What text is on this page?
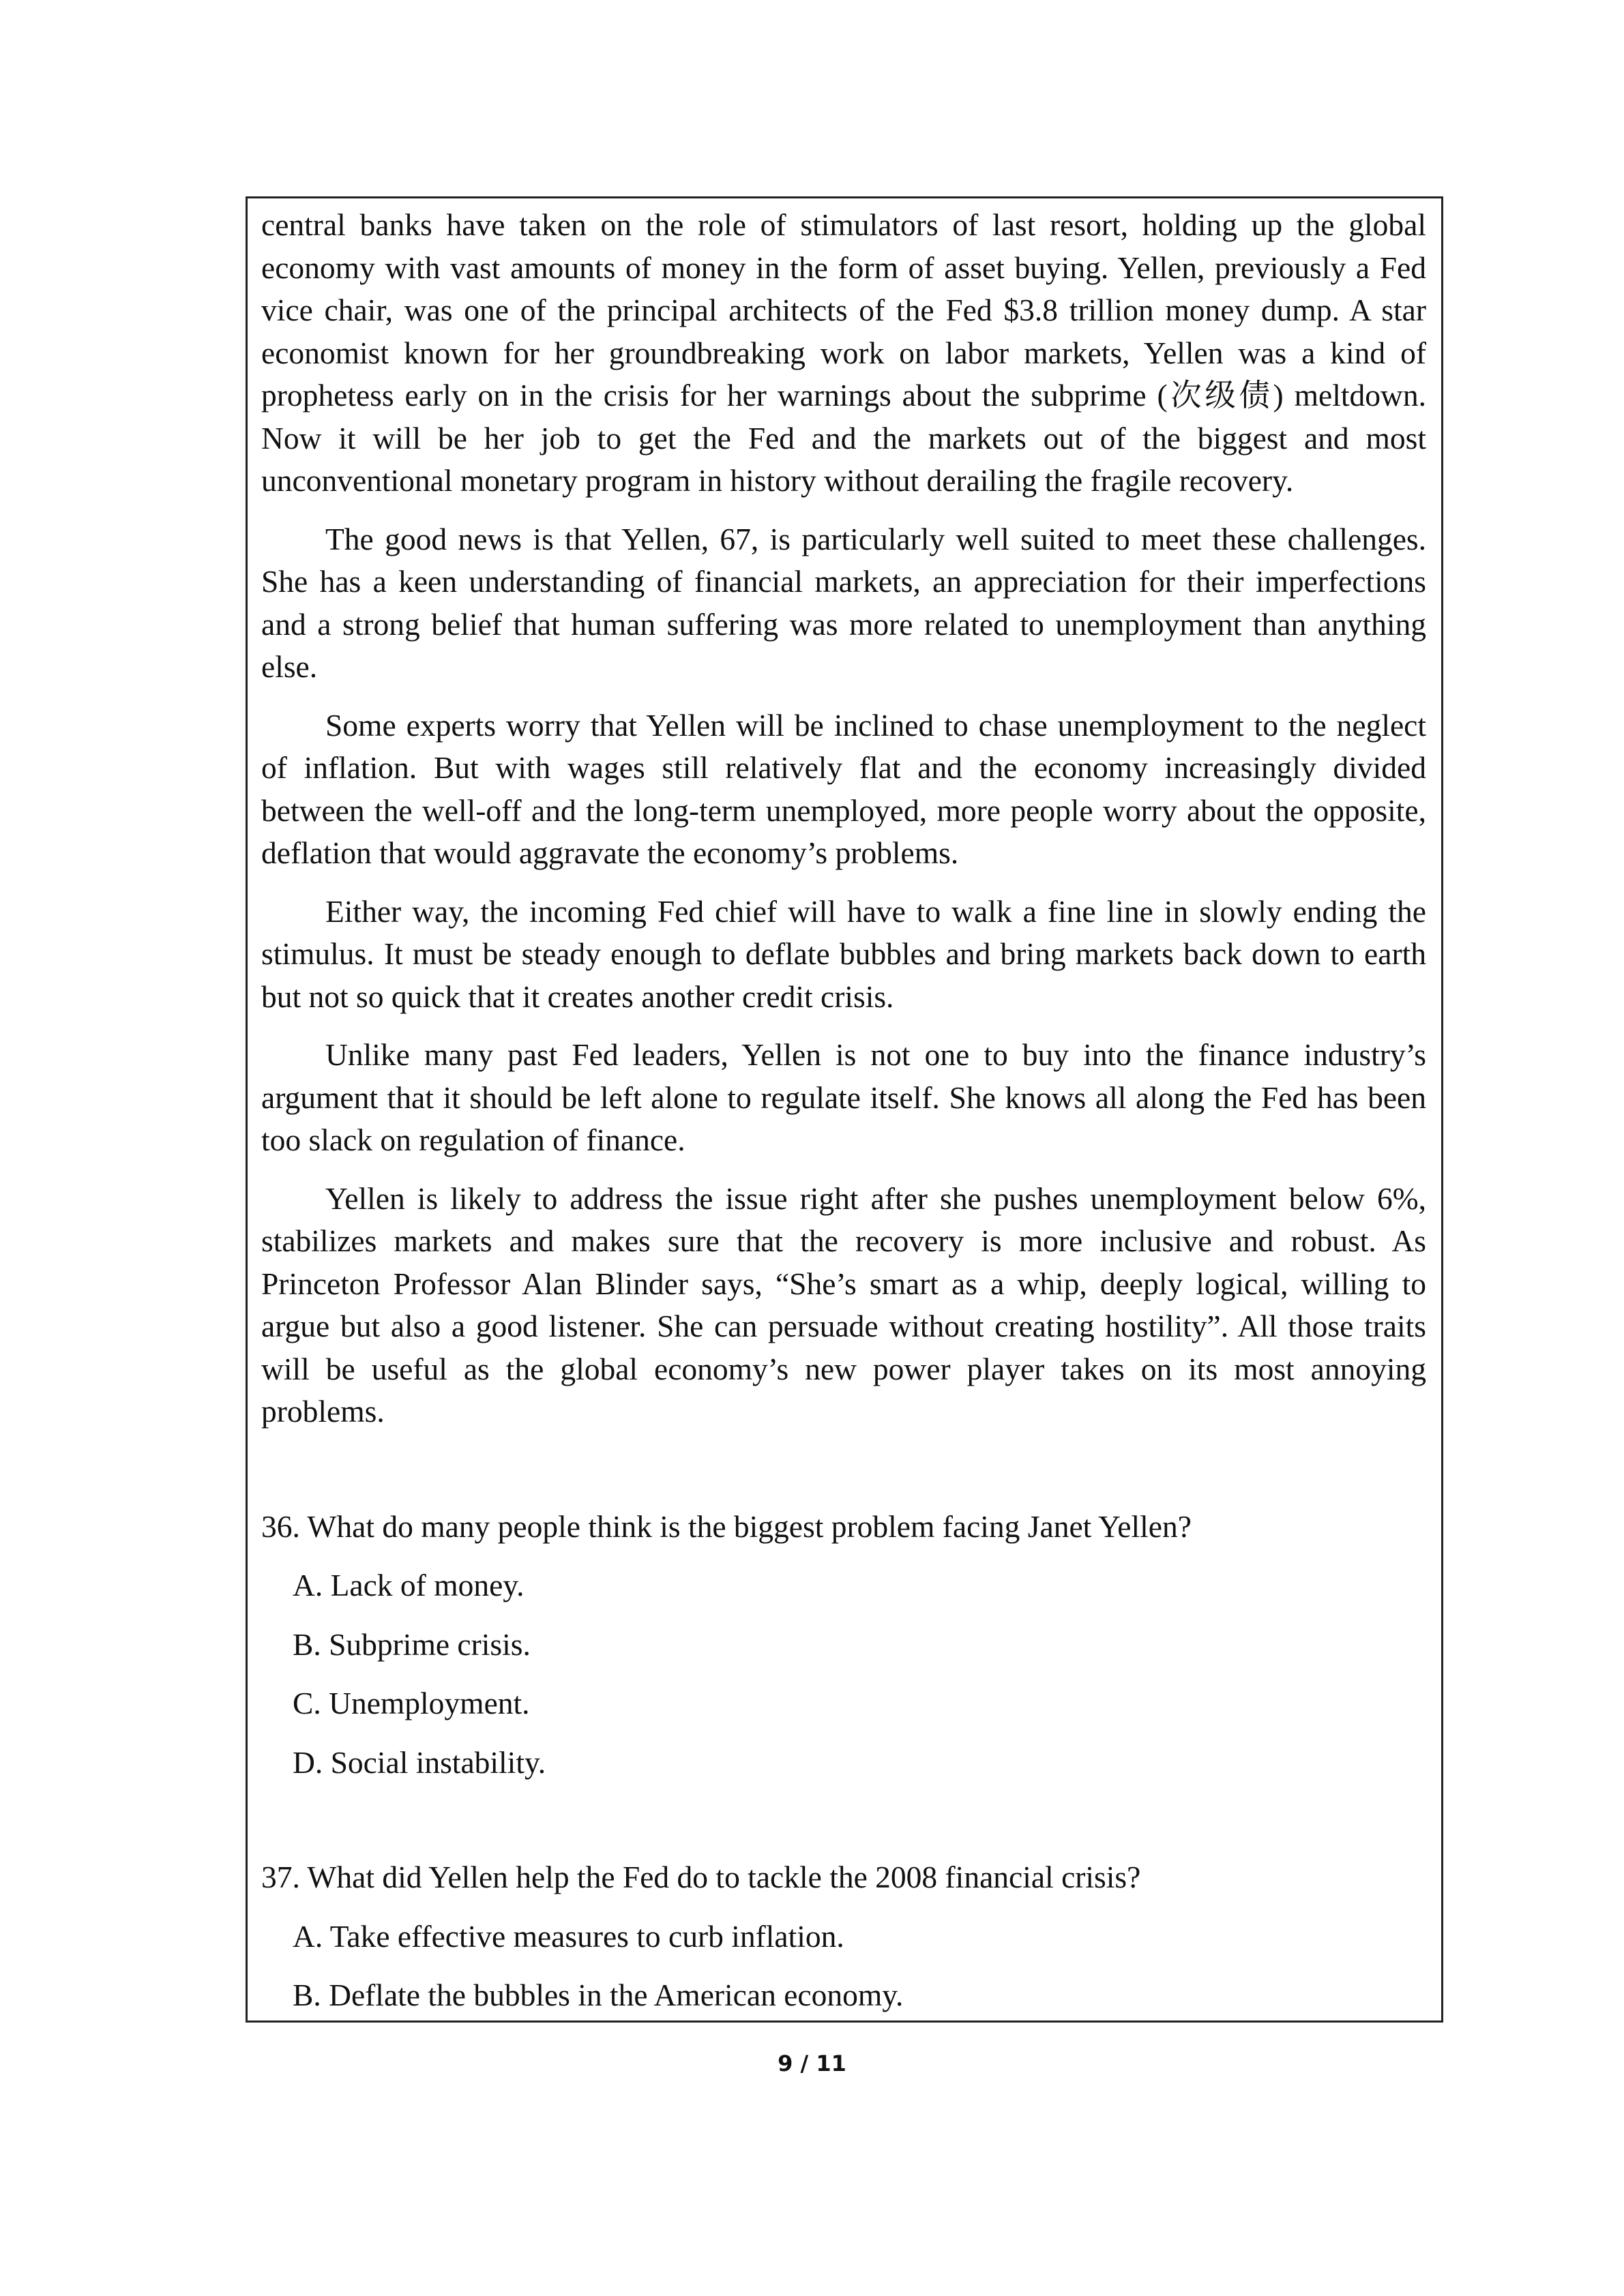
central banks have taken on the role of stimulators of last resort, holding up the global economy with vast amounts of money in the form of asset buying. Yellen, previously a Fed vice chair, was one of the principal architects of the Fed $3.8 trillion money dump. A star economist known for her groundbreaking work on labor markets, Yellen was a kind of prophetess early on in the crisis for her warnings about the subprime (次级债) meltdown. Now it will be her job to get the Fed and the markets out of the biggest and most unconventional monetary program in history without derailing the fragile recovery.

The good news is that Yellen, 67, is particularly well suited to meet these challenges. She has a keen understanding of financial markets, an appreciation for their imperfections and a strong belief that human suffering was more related to unemployment than anything else.

Some experts worry that Yellen will be inclined to chase unemployment to the neglect of inflation. But with wages still relatively flat and the economy increasingly divided between the well-off and the long-term unemployed, more people worry about the opposite, deflation that would aggravate the economy’s problems.

Either way, the incoming Fed chief will have to walk a fine line in slowly ending the stimulus. It must be steady enough to deflate bubbles and bring markets back down to earth but not so quick that it creates another credit crisis.

Unlike many past Fed leaders, Yellen is not one to buy into the finance industry’s argument that it should be left alone to regulate itself. She knows all along the Fed has been too slack on regulation of finance.

Yellen is likely to address the issue right after she pushes unemployment below 6%, stabilizes markets and makes sure that the recovery is more inclusive and robust. As Princeton Professor Alan Blinder says, “She’s smart as a whip, deeply logical, willing to argue but also a good listener. She can persuade without creating hostility”. All those traits will be useful as the global economy’s new power player takes on its most annoying problems.

36. What do many people think is the biggest problem facing Janet Yellen?

A. Lack of money.

B. Subprime crisis.

C. Unemployment.

D. Social instability.

37. What did Yellen help the Fed do to tackle the 2008 financial crisis?

A. Take effective measures to curb inflation.

B. Deflate the bubbles in the American economy.

9 / 11
